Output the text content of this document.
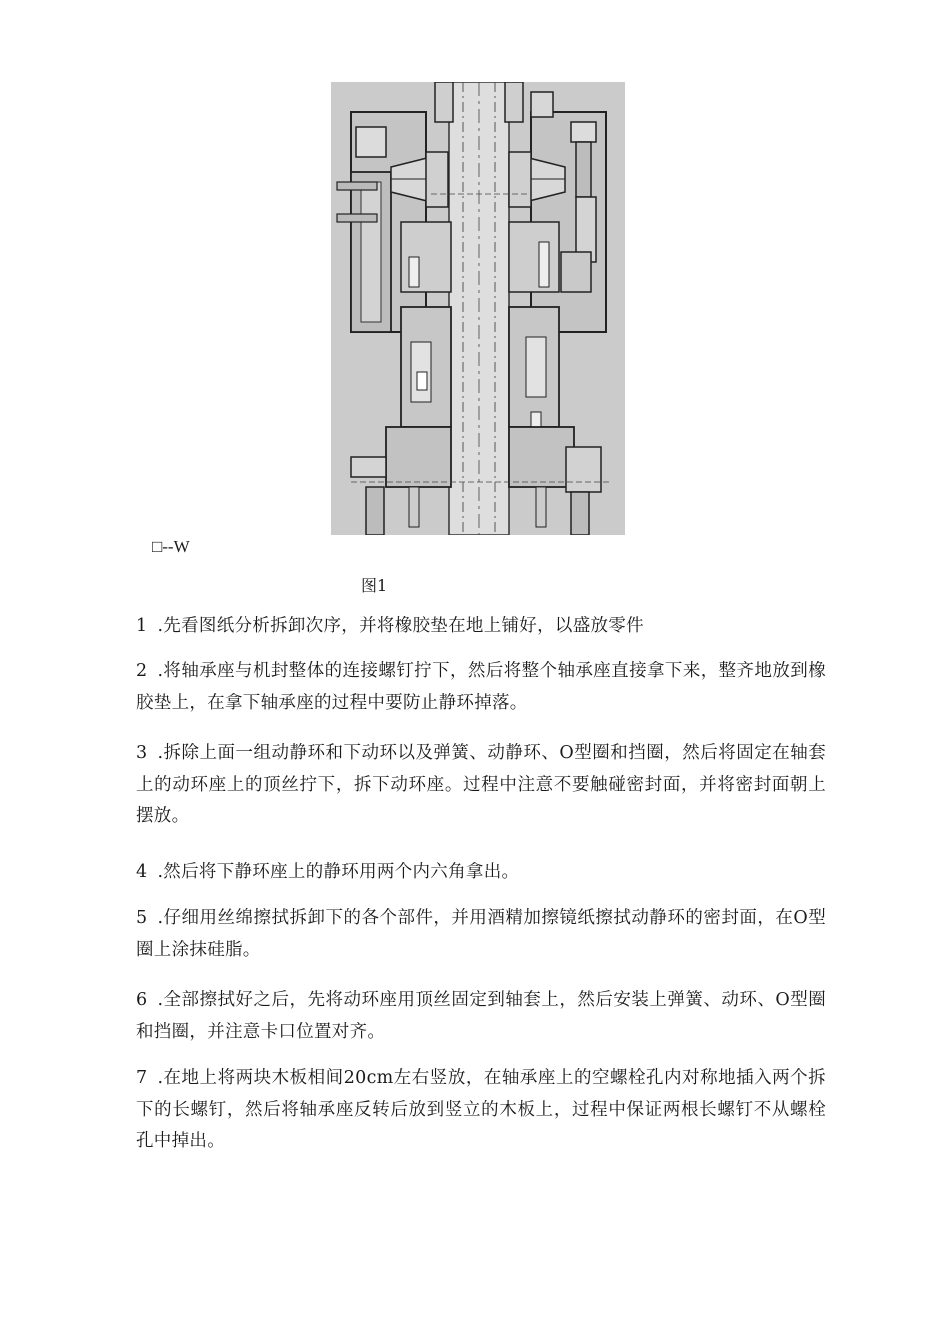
□--W
图1

1 .先看图纸分析拆卸次序，并将橡胶垫在地上铺好，以盛放零件

2 .将轴承座与机封整体的连接螺钉拧下，然后将整个轴承座直接拿下来，整齐地放到橡胶垫上，在拿下轴承座的过程中要防止静环掉落。

3 .拆除上面一组动静环和下动环以及弹簧、动静环、O型圈和挡圈，然后将固定在轴套上的动环座上的顶丝拧下，拆下动环座。过程中注意不要触碰密封面，并将密封面朝上摆放。

4 .然后将下静环座上的静环用两个内六角拿出。

5 .仔细用丝绵擦拭拆卸下的各个部件，并用酒精加擦镜纸擦拭动静环的密封面，在O型圈上涂抹硅脂。

6 .全部擦拭好之后，先将动环座用顶丝固定到轴套上，然后安装上弹簧、动环、O型圈和挡圈，并注意卡口位置对齐。

7 .在地上将两块木板相间20cm左右竖放，在轴承座上的空螺栓孔内对称地插入两个拆下的长螺钉，然后将轴承座反转后放到竖立的木板上，过程中保证两根长螺钉不从螺栓孔中掉出。
